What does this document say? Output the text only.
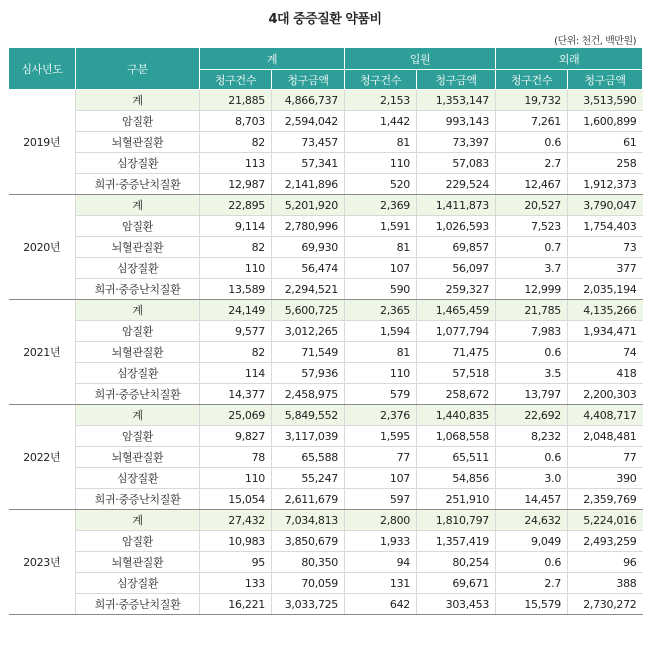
4대 중증질환 약품비
(단위: 천건, 백만원)
심사년도	구분	계		입원		외래	
		청구건수	청구금액	청구건수	청구금액	청구건수	청구금액
2019년	계	21,885	4,866,737	2,153	1,353,147	19,732	3,513,590
	암질환	8,703	2,594,042	1,442	993,143	7,261	1,600,899
	뇌혈관질환	82	73,457	81	73,397	0.6	61
	심장질환	113	57,341	110	57,083	2.7	258
	희귀·중증난치질환	12,987	2,141,896	520	229,524	12,467	1,912,373
2020년	계	22,895	5,201,920	2,369	1,411,873	20,527	3,790,047
	암질환	9,114	2,780,996	1,591	1,026,593	7,523	1,754,403
	뇌혈관질환	82	69,930	81	69,857	0.7	73
	심장질환	110	56,474	107	56,097	3.7	377
	희귀·중증난치질환	13,589	2,294,521	590	259,327	12,999	2,035,194
2021년	계	24,149	5,600,725	2,365	1,465,459	21,785	4,135,266
	암질환	9,577	3,012,265	1,594	1,077,794	7,983	1,934,471
	뇌혈관질환	82	71,549	81	71,475	0.6	74
	심장질환	114	57,936	110	57,518	3.5	418
	희귀·중증난치질환	14,377	2,458,975	579	258,672	13,797	2,200,303
2022년	계	25,069	5,849,552	2,376	1,440,835	22,692	4,408,717
	암질환	9,827	3,117,039	1,595	1,068,558	8,232	2,048,481
	뇌혈관질환	78	65,588	77	65,511	0.6	77
	심장질환	110	55,247	107	54,856	3.0	390
	희귀·중증난치질환	15,054	2,611,679	597	251,910	14,457	2,359,769
2023년	계	27,432	7,034,813	2,800	1,810,797	24,632	5,224,016
	암질환	10,983	3,850,679	1,933	1,357,419	9,049	2,493,259
	뇌혈관질환	95	80,350	94	80,254	0.6	96
	심장질환	133	70,059	131	69,671	2.7	388
	희귀·중증난치질환	16,221	3,033,725	642	303,453	15,579	2,730,272
